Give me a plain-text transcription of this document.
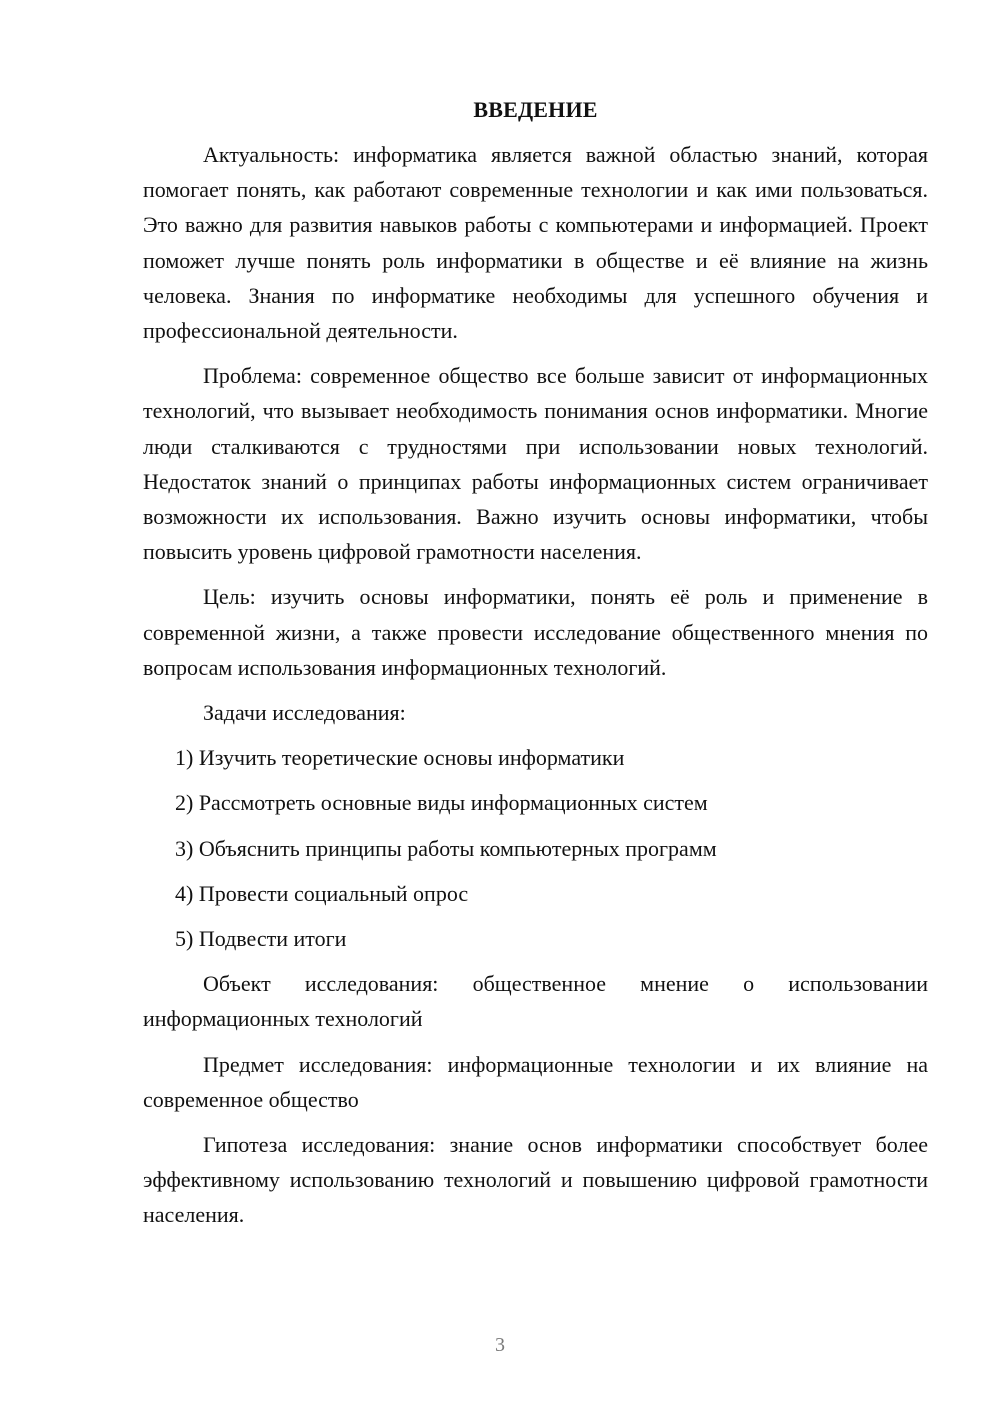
ВВЕДЕНИЕ

Актуальность: информатика является важной областью знаний, которая помогает понять, как работают современные технологии и как ими пользоваться. Это важно для развития навыков работы с компьютерами и информацией. Проект поможет лучше понять роль информатики в обществе и её влияние на жизнь человека. Знания по информатике необходимы для успешного обучения и профессиональной деятельности.

Проблема: современное общество все больше зависит от информационных технологий, что вызывает необходимость понимания основ информатики. Многие люди сталкиваются с трудностями при использовании новых технологий. Недостаток знаний о принципах работы информационных систем ограничивает возможности их использования. Важно изучить основы информатики, чтобы повысить уровень цифровой грамотности населения.

Цель: изучить основы информатики, понять её роль и применение в современной жизни, а также провести исследование общественного мнения по вопросам использования информационных технологий.

Задачи исследования:

1) Изучить теоретические основы информатики
2) Рассмотреть основные виды информационных систем
3) Объяснить принципы работы компьютерных программ
4) Провести социальный опрос
5) Подвести итоги

Объект исследования: общественное мнение о использовании информационных технологий

Предмет исследования: информационные технологии и их влияние на современное общество

Гипотеза исследования: знание основ информатики способствует более эффективному использованию технологий и повышению цифровой грамотности населения.

3
